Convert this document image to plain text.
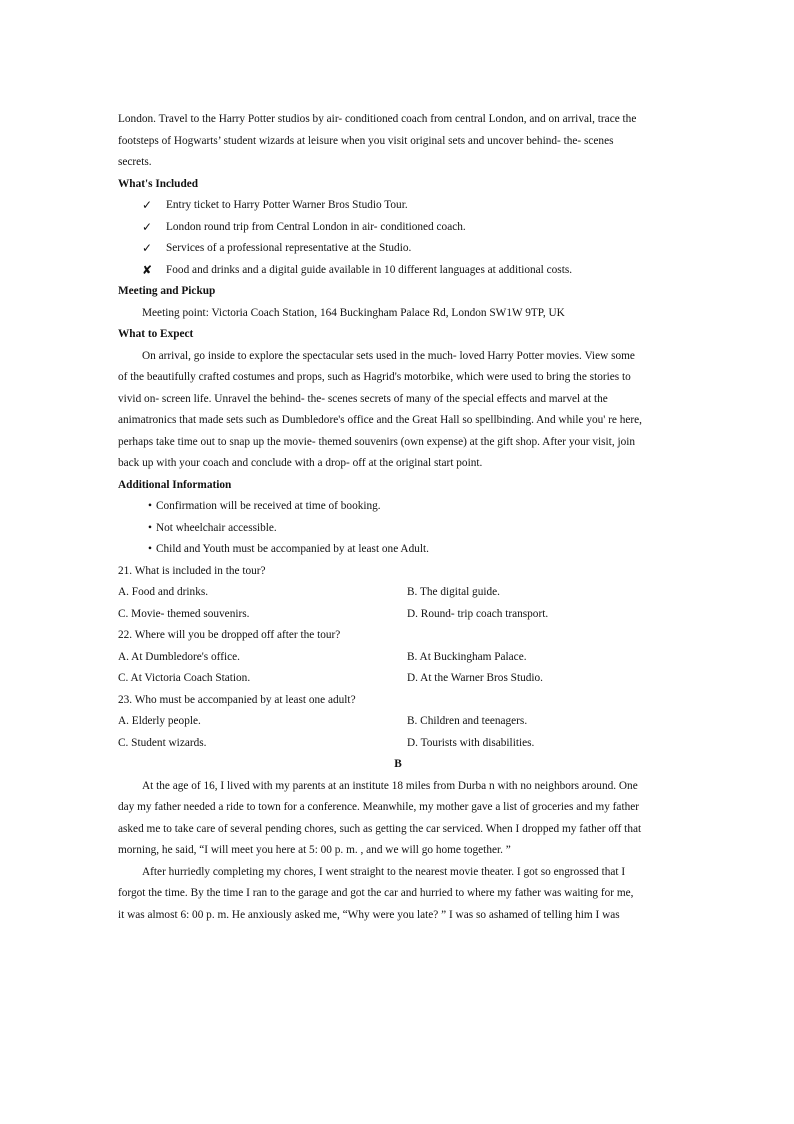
London. Travel to the Harry Potter studios by air- conditioned coach from central London, and on arrival, trace the
footsteps of Hogwarts’ student wizards at leisure when you visit original sets and uncover behind- the- scenes
secrets.
What's Included
✓	Entry ticket to Harry Potter Warner Bros Studio Tour.
✓	London round trip from Central London in air- conditioned coach.
✓	Services of a professional representative at the Studio.
✘	Food and drinks and a digital guide available in 10 different languages at additional costs.
Meeting and Pickup
Meeting point: Victoria Coach Station, 164 Buckingham Palace Rd, London SW1W 9TP, UK
What to Expect
On arrival, go inside to explore the spectacular sets used in the much- loved Harry Potter movies. View some
of the beautifully crafted costumes and props, such as Hagrid's motorbike, which were used to bring the stories to
vivid on- screen life. Unravel the behind- the- scenes secrets of many of the special effects and marvel at the
animatronics that made sets such as Dumbledore's office and the Great Hall so spellbinding. And while you' re here,
perhaps take time out to snap up the movie- themed souvenirs (own expense) at the gift shop. After your visit, join
back up with your coach and conclude with a drop- off at the original start point.
Additional Information
• Confirmation will be received at time of booking.
• Not wheelchair accessible.
• Child and Youth must be accompanied by at least one Adult.
21. What is included in the tour?
A. Food and drinks.	B. The digital guide.
C. Movie- themed souvenirs.	D. Round- trip coach transport.
22. Where will you be dropped off after the tour?
A. At Dumbledore's office.	B. At Buckingham Palace.
C. At Victoria Coach Station.	D. At the Warner Bros Studio.
23. Who must be accompanied by at least one adult?
A. Elderly people.	B. Children and teenagers.
C. Student wizards.	D. Tourists with disabilities.
B
At the age of 16, I lived with my parents at an institute 18 miles from Durba n with no neighbors around. One
day my father needed a ride to town for a conference. Meanwhile, my mother gave a list of groceries and my father
asked me to take care of several pending chores, such as getting the car serviced. When I dropped my father off that
morning, he said, “I will meet you here at 5: 00 p. m. , and we will go home together. ”
After hurriedly completing my chores, I went straight to the nearest movie theater. I got so engrossed that I
forgot the time. By the time I ran to the garage and got the car and hurried to where my father was waiting for me,
it was almost 6: 00 p. m. He anxiously asked me, “Why were you late? ” I was so ashamed of telling him I was
